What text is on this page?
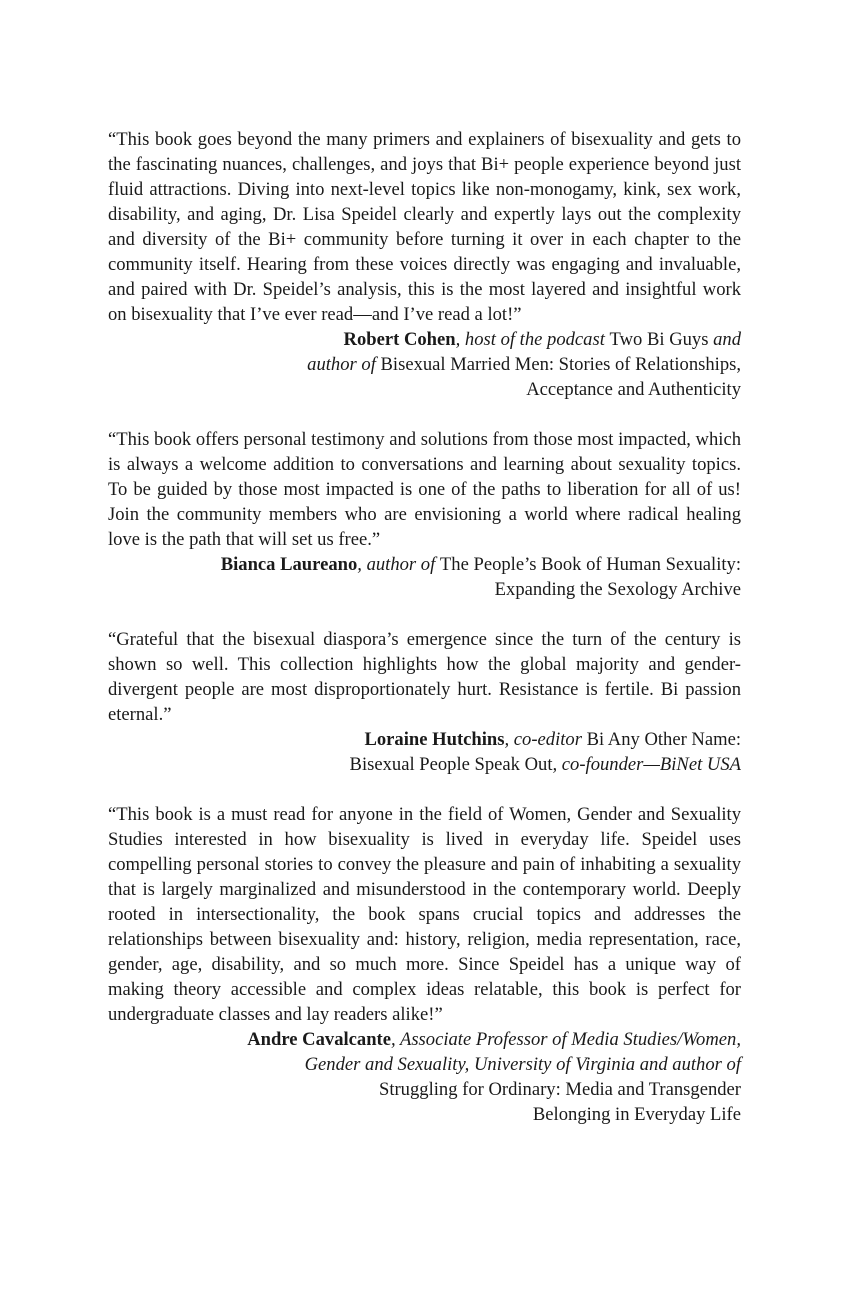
“This book goes beyond the many primers and explainers of bisexuality and gets to the fascinating nuances, challenges, and joys that Bi+ people experience beyond just fluid attractions. Diving into next-level topics like non-monogamy, kink, sex work, disability, and aging, Dr. Lisa Speidel clearly and expertly lays out the complexity and diversity of the Bi+ community before turning it over in each chapter to the community itself. Hearing from these voices directly was engaging and invaluable, and paired with Dr. Speidel’s analysis, this is the most layered and insightful work on bisexuality that I’ve ever read—and I’ve read a lot!”

Robert Cohen, host of the podcast Two Bi Guys and

author of Bisexual Married Men: Stories of Relationships,

Acceptance and Authenticity

“This book offers personal testimony and solutions from those most impacted, which is always a welcome addition to conversations and learning about sexuality topics. To be guided by those most impacted is one of the paths to liberation for all of us! Join the community members who are envisioning a world where radical healing love is the path that will set us free.”

Bianca Laureano, author of The People’s Book of Human Sexuality:

Expanding the Sexology Archive

“Grateful that the bisexual diaspora’s emergence since the turn of the century is shown so well. This collection highlights how the global majority and gender-divergent people are most disproportionately hurt. Resistance is fertile. Bi passion eternal.”

Loraine Hutchins, co-editor Bi Any Other Name:

Bisexual People Speak Out, co-founder—BiNet USA

“This book is a must read for anyone in the field of Women, Gender and Sexuality Studies interested in how bisexuality is lived in everyday life. Speidel uses compelling personal stories to convey the pleasure and pain of inhabiting a sexuality that is largely marginalized and misunderstood in the contemporary world. Deeply rooted in intersectionality, the book spans crucial topics and addresses the relationships between bisexuality and: history, religion, media representation, race, gender, age, disability, and so much more. Since Speidel has a unique way of making theory accessible and complex ideas relatable, this book is perfect for undergraduate classes and lay readers alike!”

Andre Cavalcante, Associate Professor of Media Studies/Women,

Gender and Sexuality, University of Virginia and author of

Struggling for Ordinary: Media and Transgender

Belonging in Everyday Life
